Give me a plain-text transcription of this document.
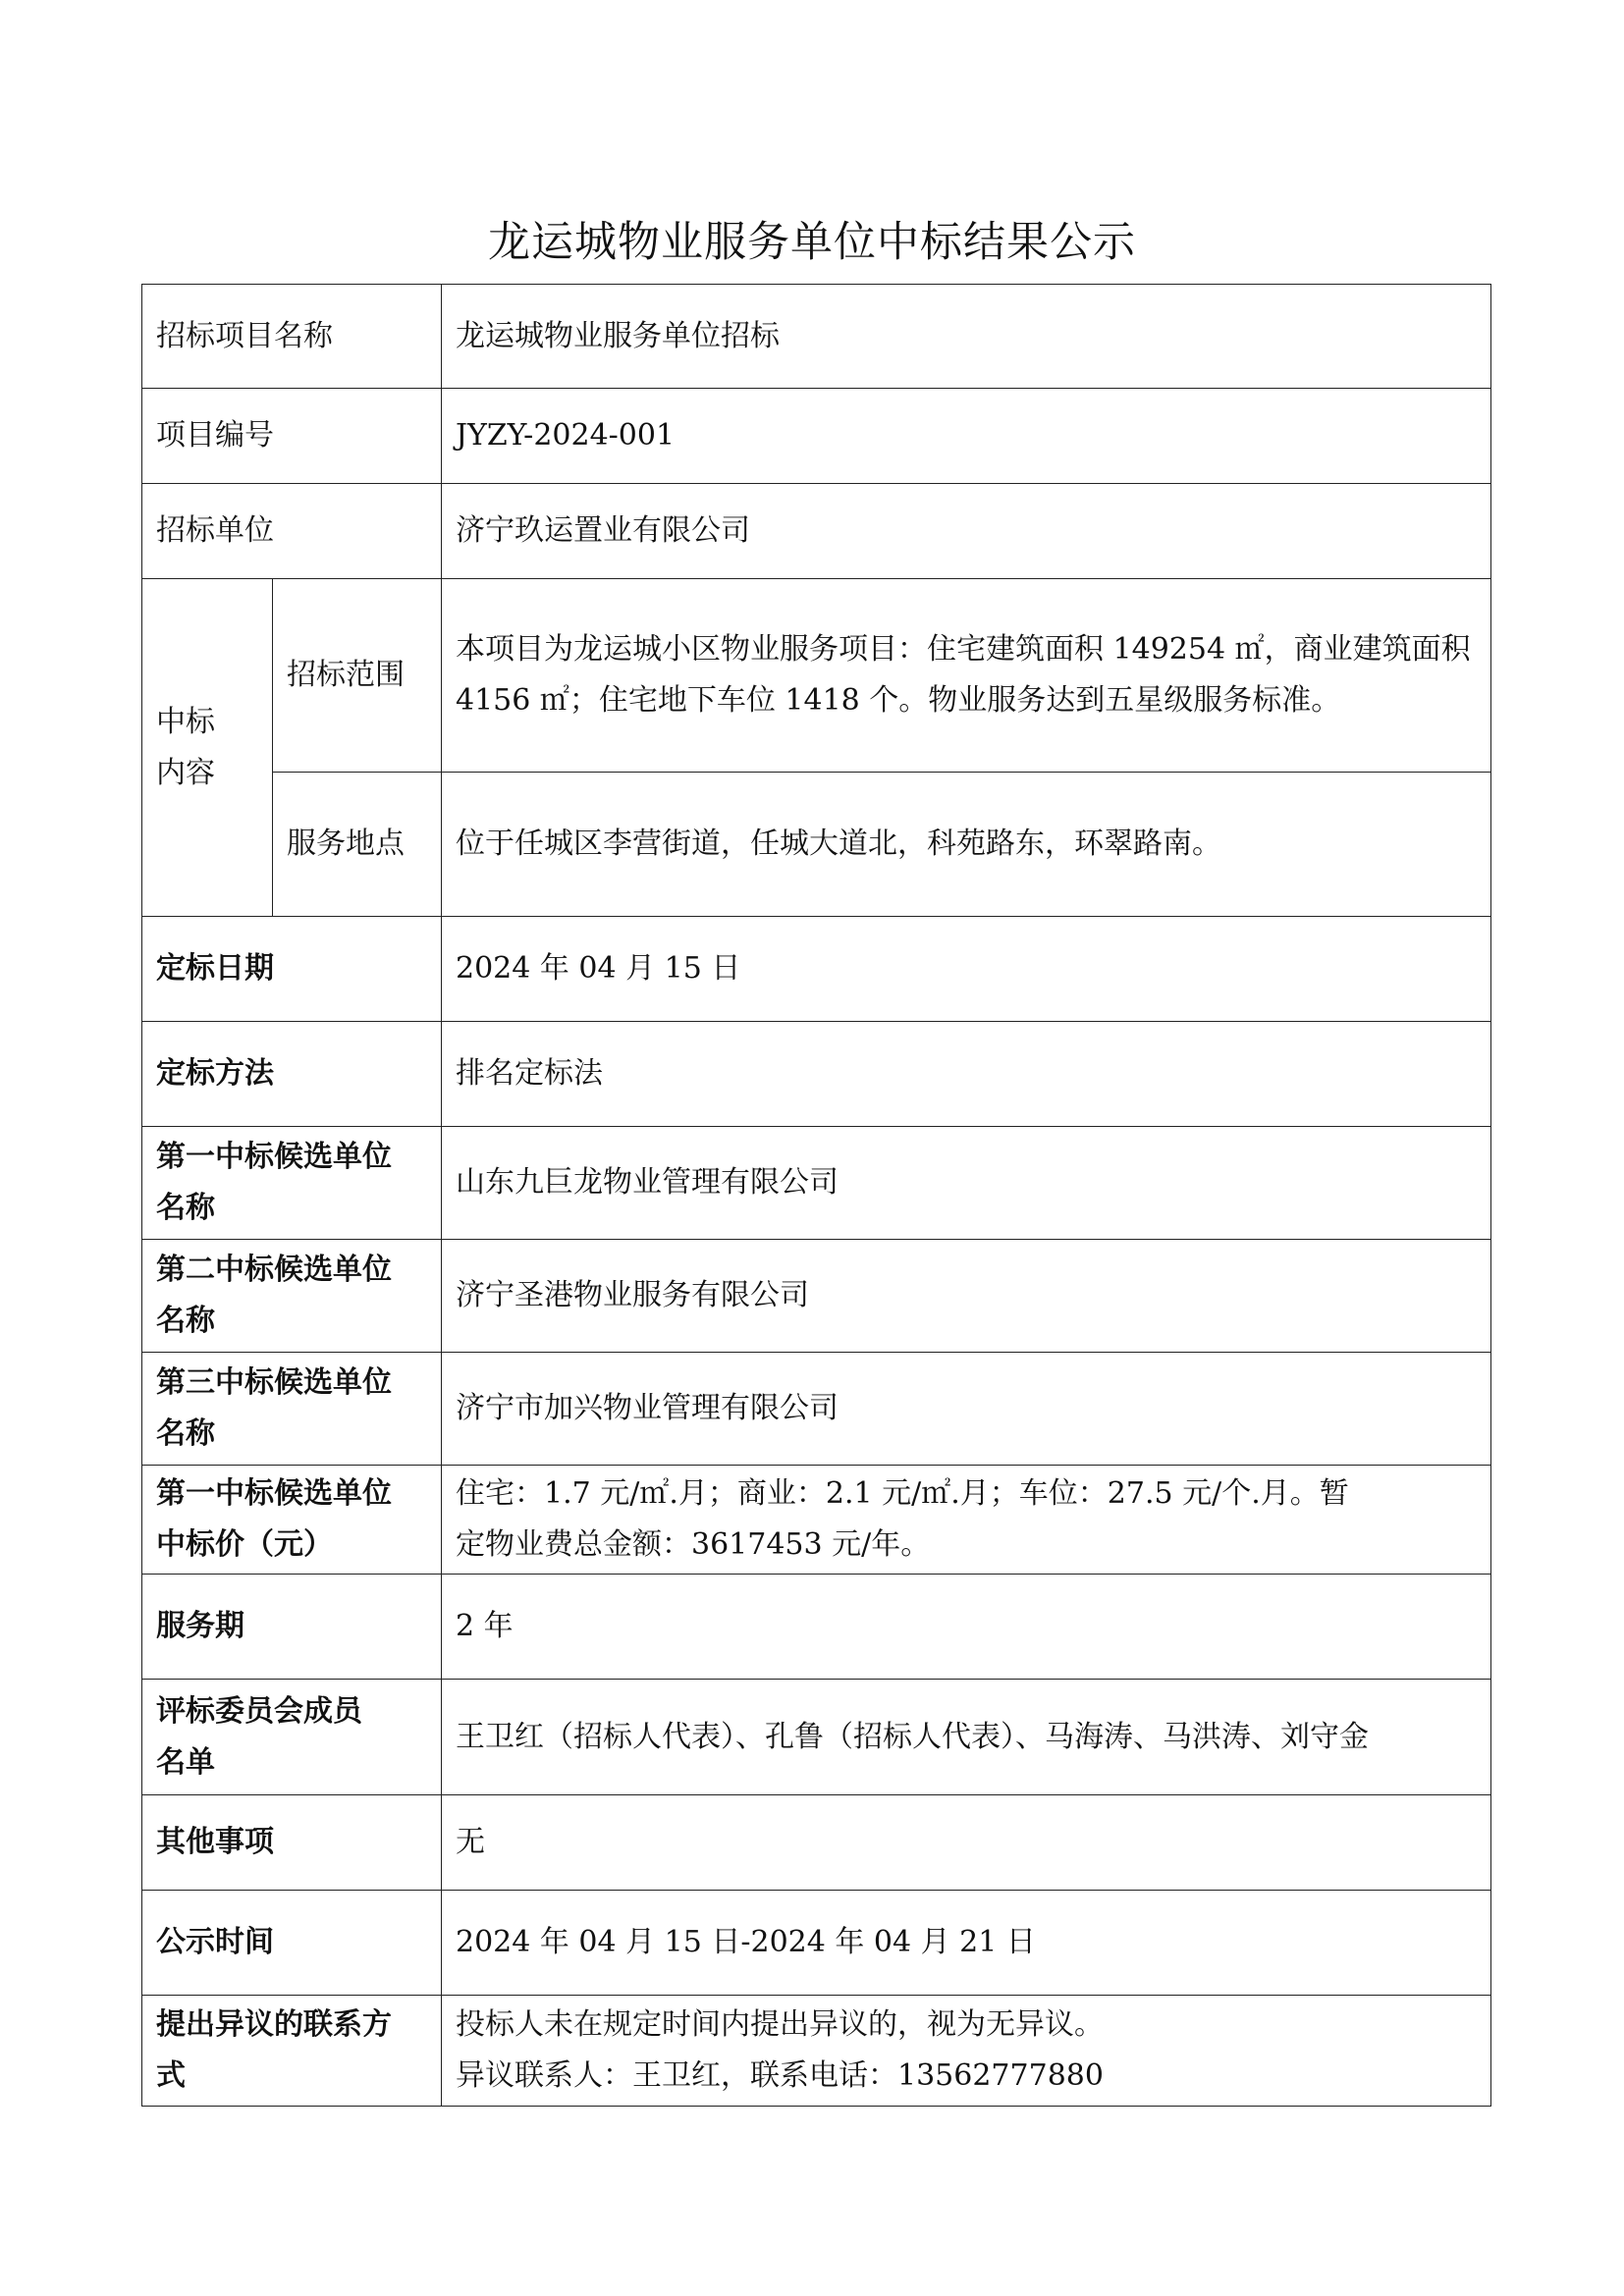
龙运城物业服务单位中标结果公示
招标项目名称		龙运城物业服务单位招标
项目编号		JYZY-2024-001
招标单位		济宁玖运置业有限公司

中标
内容	招标范围	本项目为龙运城小区物业服务项目：住宅建筑面积 149254 ㎡，商业建筑面积 4156 ㎡；住宅地下车位 1418 个。物业服务达到五星级服务标准。
	服务地点	位于任城区李营街道，任城大道北，科苑路东，环翠路南。
定标日期		2024 年 04 月 15 日
定标方法		排名定标法

第一中标候选单位
名称		山东九巨龙物业管理有限公司

第二中标候选单位
名称		济宁圣港物业服务有限公司

第三中标候选单位
名称		济宁市加兴物业管理有限公司

第一中标候选单位
中标价（元）		住宅：1.7 元/㎡.月；商业：2.1 元/㎡.月；车位：27.5 元/个.月。暂
定物业费总金额：3617453 元/年。

服务期		2 年

评标委员会成员
名单		王卫红（招标人代表）、孔鲁（招标人代表）、马海涛、马洪涛、刘守金
其他事项		无
公示时间		2024 年 04 月 15 日-2024 年 04 月 21 日

提出异议的联系方
式		投标人未在规定时间内提出异议的，视为无异议。
异议联系人：王卫红，联系电话：13562777880
